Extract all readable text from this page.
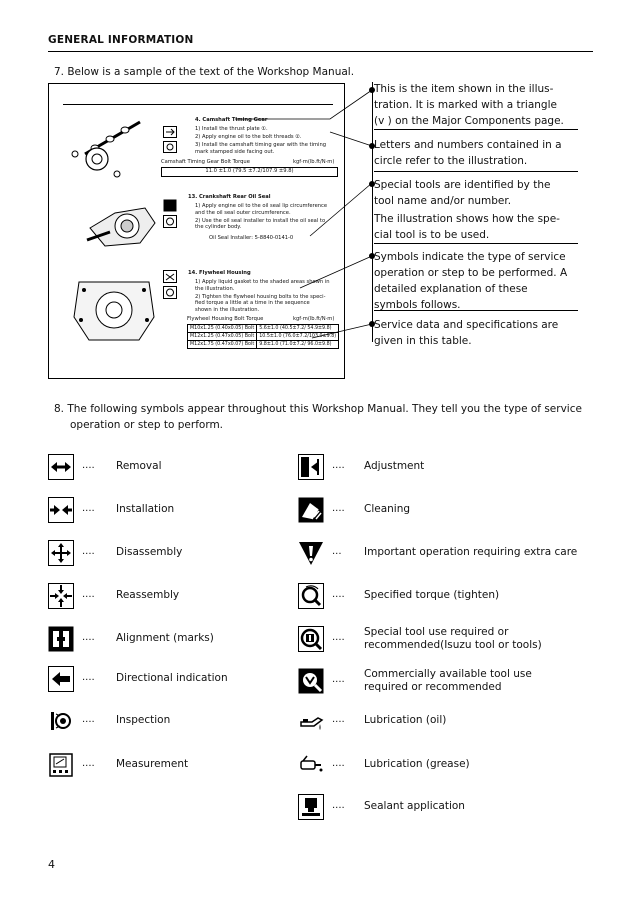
GENERAL INFORMATION
7. Below is a sample of the text of the Workshop Manual.
4. Camshaft Timing Gear
1) Install the thrust plate ①.
2) Apply engine oil to the bolt threads ②.
3) Install the camshaft timing gear with the timing
mark stamped side facing out.
Camshaft Timing Gear Bolt Torque	kgf·m(lb.ft/N·m)
11.0 ±1.0 (79.5 ±7.2/107.9 ±9.8)
13. Crankshaft Rear Oil Seal
1) Apply engine oil to the oil seal lip circumference
and the oil seal outer circumference.
2) Use the oil seal installer to install the oil seal to
the cylinder body.
Oil Seal Installer: 5-8840-0141-0
14. Flywheel Housing
1) Apply liquid gasket to the shaded areas shown in
the illustration.
2) Tighten the flywheel housing bolts to the speci-
fied torque a little at a time in the sequence
shown in the illustration.
Flywheel Housing Bolt Torque	kgf·m(lb.ft/N·m)
M10x1.25 (0.40x0.05) Bolt	5.6±1.0 (40.5±7.2/ 54.9±9.8)
M12x1.25 (0.47x0.05) Bolt	10.5±1.0 (76.0±7.2/103.0±9.8)
M12x1.75 (0.47x0.07) Bolt	9.8±1.0 (71.0±7.2/ 96.0±9.8)
This is the item shown in the illus-
tration. It is marked with a triangle
(v ) on the Major Components page.
Letters and numbers contained in a
circle refer to the illustration.
Special tools are identified by the
tool name and/or number.
The illustration shows how the spe-
cial tool is to be used.
Symbols indicate the type of service
operation or step to be performed. A
detailed explanation of these
symbols follows.
Service data and specifications are
given in this table.
8. The following symbols appear throughout this Workshop Manual. They tell you the type of service
operation or step to perform.
.... Removal
.... Installation
.... Disassembly
.... Reassembly
.... Alignment (marks)
.... Directional indication
.... Inspection
.... Measurement
.... Adjustment
.... Cleaning
... Important operation requiring extra care
.... Specified torque (tighten)
.... Special tool use required or
recommended(Isuzu tool or tools)
.... Commercially available tool use
required or recommended
.... Lubrication (oil)
.... Lubrication (grease)
.... Sealant application
4
